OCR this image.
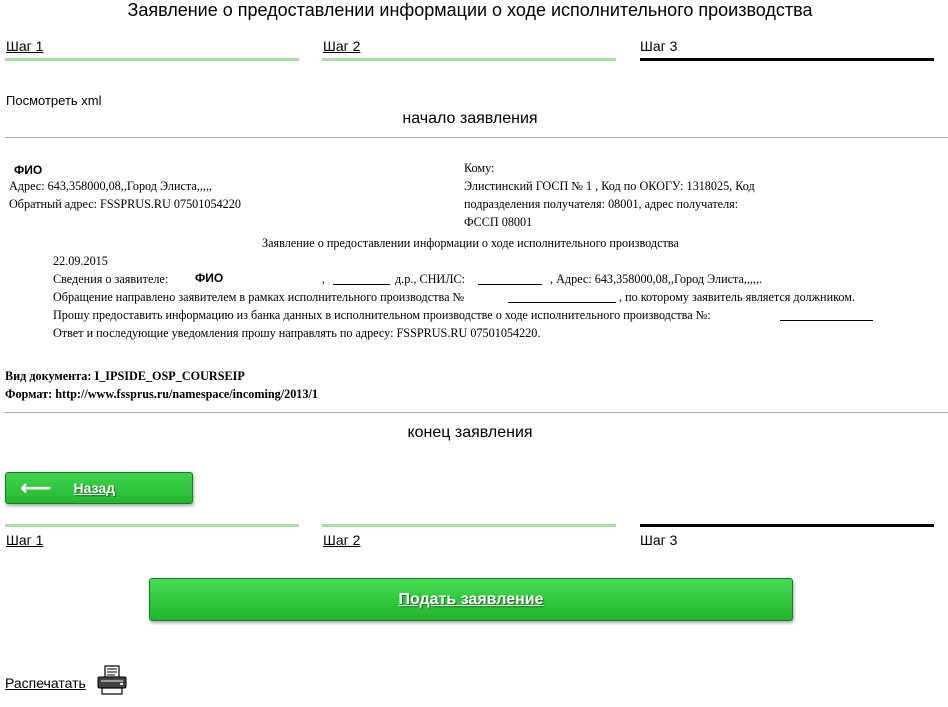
Заявление о предоставлении информации о ходе исполнительного производства
Шаг 1	Шаг 2	Шаг 3
Посмотреть xml
начало заявления
ФИО
Адрес: 643,358000,08,,Город Элиста,,,,,
Обратный адрес: FSSPRUS.RU 07501054220
Кому:
Элистинский ГОСП № 1 , Код по ОКОГУ: 1318025, Код
подразделения получателя: 08001, адрес получателя:
ФССП 08001
Заявление о предоставлении информации о ходе исполнительного производства
22.09.2015
Сведения о заявителе: ФИО	,	д.р., СНИЛС:	, Адрес: 643,358000,08,,Город Элиста,,,,,.
Обращение направлено заявителем в рамках исполнительного производства №	, по которому заявитель является должником.
Прошу предоставить информацию из банка данных в исполнительном производстве о ходе исполнительного производства №:
Ответ и последующие уведомления прошу направлять по адресу: FSSPRUS.RU 07501054220.
Вид документа: I_IPSIDE_OSP_COURSEIP
Формат: http://www.fssprus.ru/namespace/incoming/2013/1
конец заявления
⟵ Назад
Шаг 1	Шаг 2	Шаг 3
Подать заявление
Распечатать
